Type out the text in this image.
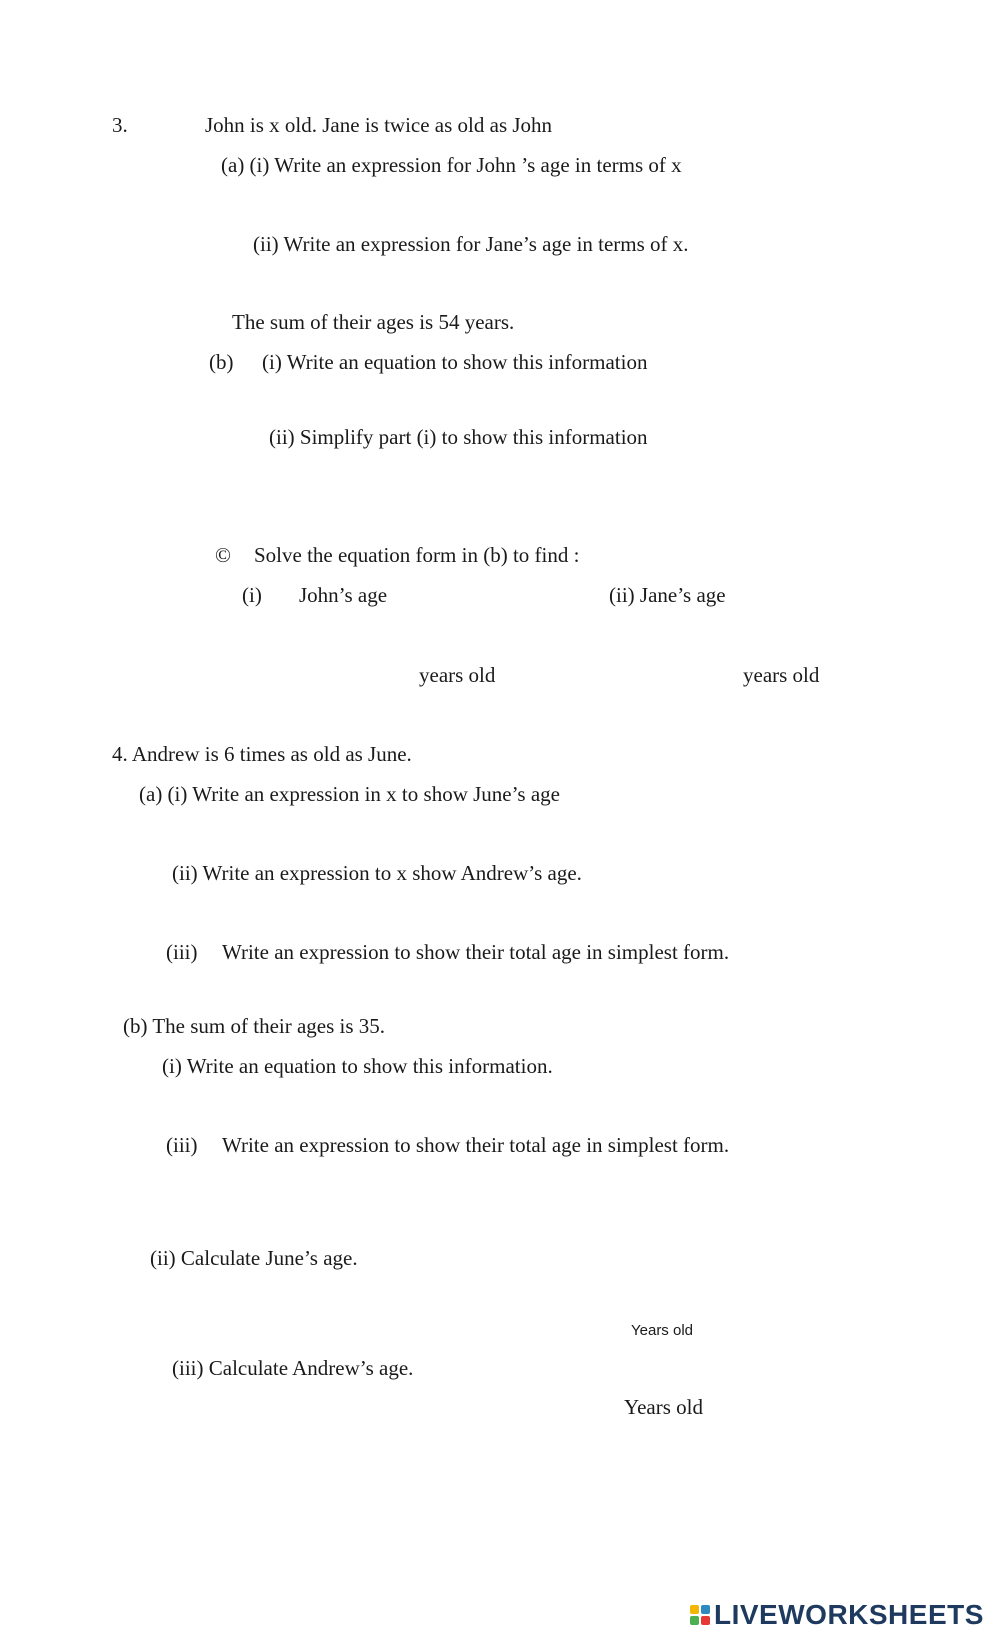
3.	John is x old. Jane is twice as old as John
(a) (i) Write an expression for John ’s age in terms of x
(ii) Write an expression for Jane’s age in terms of x.
The sum of their ages is 54 years.
(b) (i) Write an equation to show this information
(ii) Simplify part (i) to show this information
© Solve the equation form in (b) to find :
(i) John’s age	(ii) Jane’s age
years old	years old
4. Andrew is 6 times as old as June.
(a) (i) Write an expression in x to show June’s age
(ii) Write an expression to x show Andrew’s age.
(iii) Write an expression to show their total age in simplest form.
(b) The sum of their ages is 35.
(i) Write an equation to show this information.
(iii) Write an expression to show their total age in simplest form.
(ii) Calculate June’s age.
Years old
(iii) Calculate Andrew’s age.
Years old
LIVEWORKSHEETS
